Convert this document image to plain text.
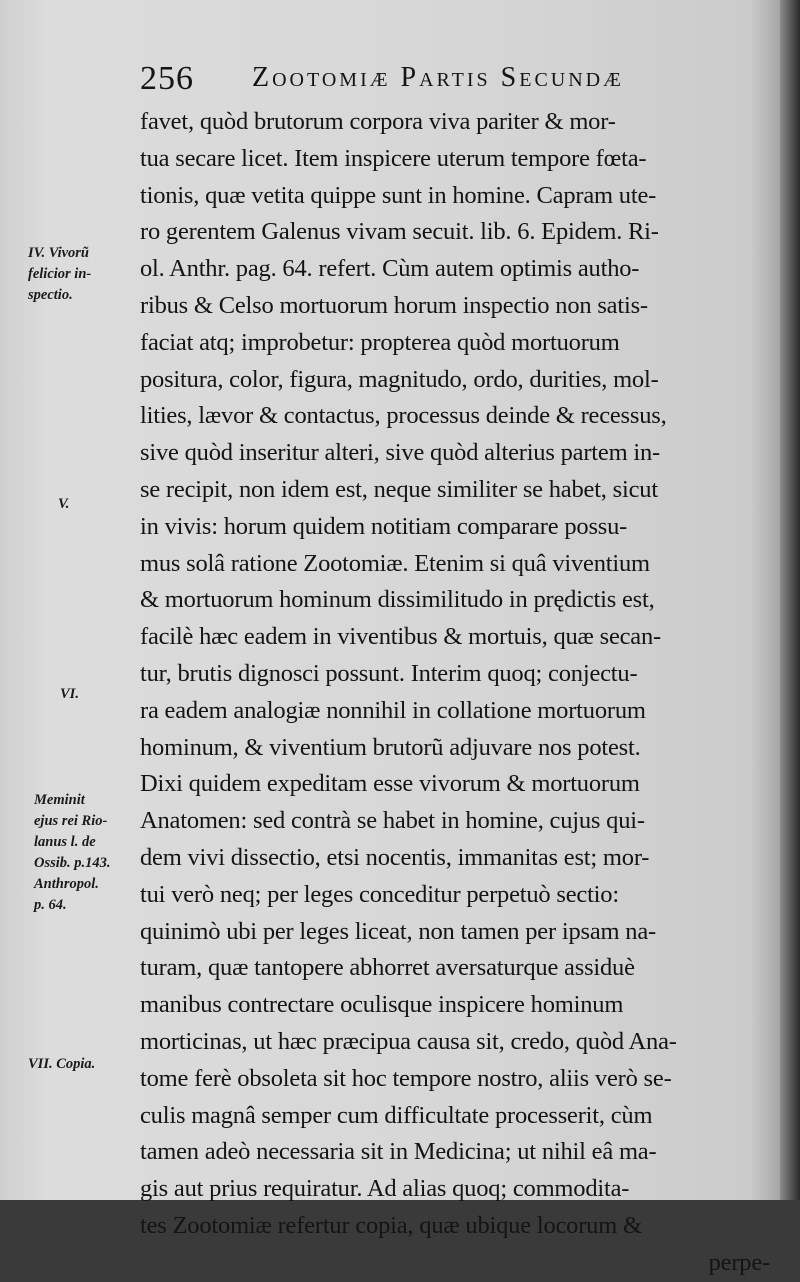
256 Zootomiæ Partis Secundæ
favet, quòd brutorum corpora viva pariter & mor-
tua secare licet. Item inspicere uterum tempore fœta-
tionis, quæ vetita quippe sunt in homine. Capram ute-
ro gerentem Galenus vivam secuit. lib. 6. Epidem. Ri-
ol. Anthr. pag. 64. refert. Cùm autem optimis autho-
ribus & Celso mortuorum horum inspectio non satis-
faciat atq; improbetur: propterea quòd mortuorum
positura, color, figura, magnitudo, ordo, durities, mol-
lities, lævor & contactus, processus deinde & recessus,
sive quòd inseritur alteri, sive quòd alterius partem in-
se recipit, non idem est, neque similiter se habet, sicut
in vivis: horum quidem notitiam comparare possu-
mus solâ ratione Zootomiæ. Etenim si quâ viventium
& mortuorum hominum dissimilitudo in prędictis est,
facilè hæc eadem in viventibus & mortuis, quæ secan-
tur, brutis dignosci possunt. Interim quoq; conjectu-
ra eadem analogiæ nonnihil in collatione mortuorum
hominum, & viventium brutorũ adjuvare nos potest.
Dixi quidem expeditam esse vivorum & mortuorum
Anatomen: sed contrà se habet in homine, cujus qui-
dem vivi dissectio, etsi nocentis, immanitas est; mor-
tui verò neq; per leges conceditur perpetuò sectio:
quinimò ubi per leges liceat, non tamen per ipsam na-
turam, quæ tantopere abhorret aversaturque assiduè
manibus contrectare oculisque inspicere hominum
morticinas, ut hæc præcipua causa sit, credo, quòd Ana-
tome ferè obsoleta sit hoc tempore nostro, aliis verò se-
culis magnâ semper cum difficultate processerit, cùm
tamen adeò necessaria sit in Medicina; ut nihil eâ ma-
gis aut prius requiratur. Ad alias quoq; commodita-
tes Zootomiæ refertur copia, quæ ubique locorum &
perpe-
IV. Vivorũ
felicior in-
spectio.
V.
VI.
Meminit
ejus rei Rio-
lanus l. de
Ossib. p.143.
Anthropol.
p. 64.
VII. Copia.
